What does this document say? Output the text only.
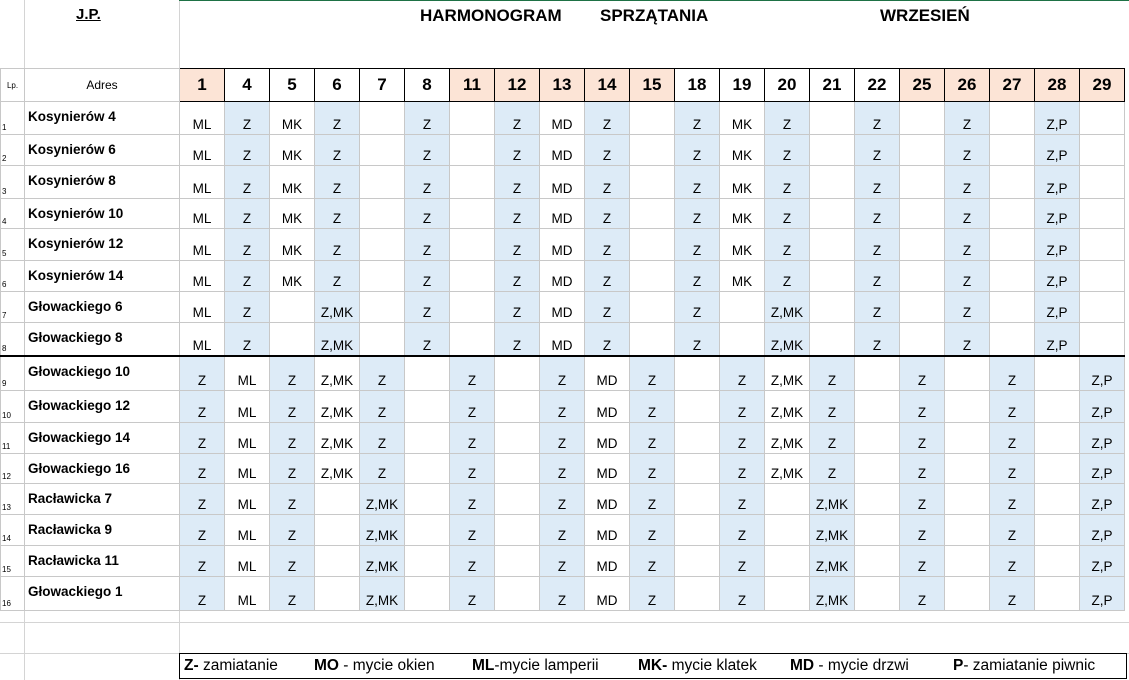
J.P.	HARMONOGRAM SPRZĄTANIA	WRZESIEŃ
Lp.	Adres	1	4	5	6	7	8	11	12	13	14	15	18	19	20	21	22	25	26	27	28	29
1	Kosynierów 4	ML	Z	MK	Z		Z		Z	MD	Z		Z	MK	Z		Z		Z		Z,P	
2	Kosynierów 6	ML	Z	MK	Z		Z		Z	MD	Z		Z	MK	Z		Z		Z		Z,P	
3	Kosynierów 8	ML	Z	MK	Z		Z		Z	MD	Z		Z	MK	Z		Z		Z		Z,P	
4	Kosynierów 10	ML	Z	MK	Z		Z		Z	MD	Z		Z	MK	Z		Z		Z		Z,P	
5	Kosynierów 12	ML	Z	MK	Z		Z		Z	MD	Z		Z	MK	Z		Z		Z		Z,P	
6	Kosynierów 14	ML	Z	MK	Z		Z		Z	MD	Z		Z	MK	Z		Z		Z		Z,P	
7	Głowackiego 6	ML	Z		Z,MK		Z		Z	MD	Z		Z		Z,MK		Z		Z		Z,P	
8	Głowackiego 8	ML	Z		Z,MK		Z		Z	MD	Z		Z		Z,MK		Z		Z		Z,P	
9	Głowackiego 10	Z	ML	Z	Z,MK	Z		Z		Z	MD	Z		Z	Z,MK	Z		Z		Z		Z,P
10	Głowackiego 12	Z	ML	Z	Z,MK	Z		Z		Z	MD	Z		Z	Z,MK	Z		Z		Z		Z,P
11	Głowackiego 14	Z	ML	Z	Z,MK	Z		Z		Z	MD	Z		Z	Z,MK	Z		Z		Z		Z,P
12	Głowackiego 16	Z	ML	Z	Z,MK	Z		Z		Z	MD	Z		Z	Z,MK	Z		Z		Z		Z,P
13	Racławicka 7	Z	ML	Z		Z,MK		Z		Z	MD	Z		Z		Z,MK		Z		Z		Z,P
14	Racławicka 9	Z	ML	Z		Z,MK		Z		Z	MD	Z		Z		Z,MK		Z		Z		Z,P
15	Racławicka 11	Z	ML	Z		Z,MK		Z		Z	MD	Z		Z		Z,MK		Z		Z		Z,P
16	Głowackiego 1	Z	ML	Z		Z,MK		Z		Z	MD	Z		Z		Z,MK		Z		Z		Z,P
Z- zamiatanie MO - mycie okien ML-mycie lamperii	MK- mycie klatek MD - mycie drzwi	P- zamiatanie piwnic
